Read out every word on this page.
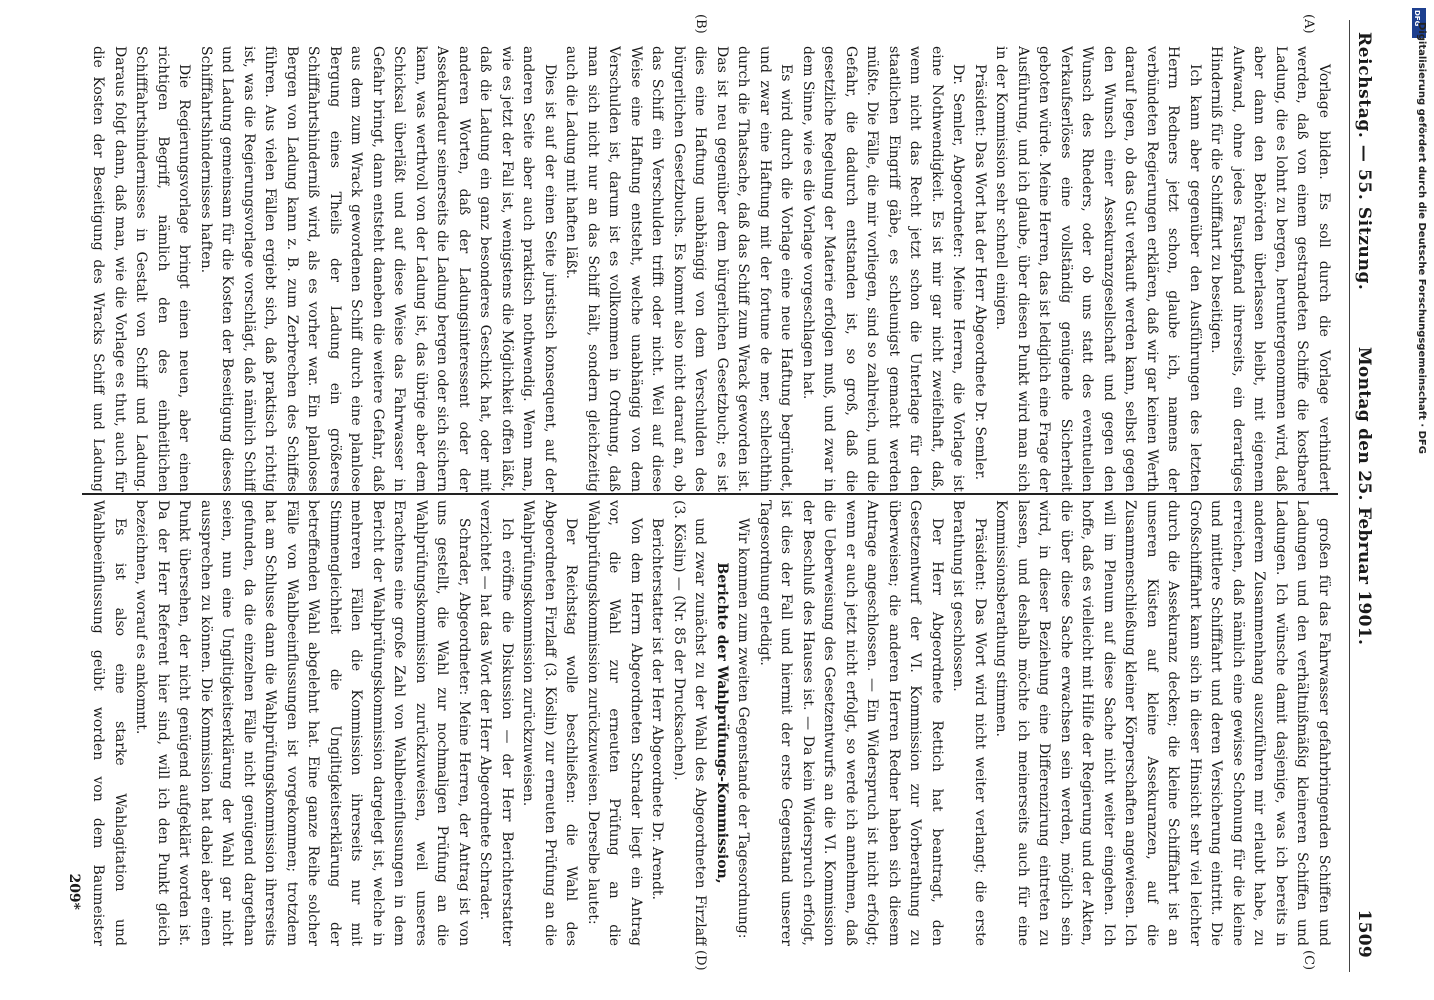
Reichstag. — 55. Sitzung.
Montag den 25. Februar 1901.
1509
(A)
(B)
(C)
(D)

Vorlage bilden. Es soll durch die Vorlage verhindert werden, daß von einem gestrandeten Schiffe die kostbare Ladung, die es lohnt zu bergen, heruntergenommen wird, daß aber dann den Behörden überlassen bleibt, mit eigenem Aufwand, ohne jedes Faustpfand ihrerseits, ein derartiges Hinderniß für die Schifffahrt zu beseitigen.

Ich kann aber gegenüber den Ausführungen des letzten Herrn Redners jetzt schon, glaube ich, namens der verbündeten Regierungen erklären, daß wir gar keinen Werth darauf legen, ob das Gut verkauft werden kann, selbst gegen den Wunsch einer Assekuranzgesellschaft und gegen den Wunsch des Rheders, oder ob uns statt des eventuellen Verkaufserlöses eine vollständig genügende Sicherheit geboten würde. Meine Herren, das ist lediglich eine Frage der Ausführung, und ich glaube, über diesen Punkt wird man sich in der Kommission sehr schnell einigen.

Präsident: Das Wort hat der Herr Abgeordnete Dr. Semler.

Dr. Semler, Abgeordneter: Meine Herren, die Vorlage ist eine Nothwendigkeit. Es ist mir gar nicht zweifelhaft, daß, wenn nicht das Recht jetzt schon die Unterlage für den staatlichen Eingriff gäbe, es schleunigst gemacht werden müßte. Die Fälle, die mir vorliegen, sind so zahlreich, und die Gefahr, die dadurch entstanden ist, so groß, daß die gesetzliche Regelung der Materie erfolgen muß, und zwar in dem Sinne, wie es die Vorlage vorgeschlagen hat.

Es wird durch die Vorlage eine neue Haftung begründet, und zwar eine Haftung mit der fortune de mer, schlechthin durch die Thatsache, daß das Schiff zum Wrack geworden ist. Das ist neu gegenüber dem bürgerlichen Gesetzbuch; es ist dies eine Haftung unabhängig von dem Verschulden des bürgerlichen Gesetzbuchs. Es kommt also nicht darauf an, ob das Schiff ein Verschulden trifft oder nicht. Weil auf diese Weise eine Haftung entsteht, welche unabhängig von dem Verschulden ist, darum ist es vollkommen in Ordnung, daß man sich nicht nur an das Schiff hält, sondern gleichzeitig auch die Ladung mit haften läßt.

Dies ist auf der einen Seite juristisch konsequent, auf der anderen Seite aber auch praktisch nothwendig. Wenn man, wie es jetzt der Fall ist, wenigstens die Möglichkeit offen läßt, daß die Ladung ein ganz besonderes Geschick hat, oder mit anderen Worten, daß der Ladungsinteressent oder der Assekuradeur seinerseits die Ladung bergen oder sich sichern kann, was werthvoll von der Ladung ist, das übrige aber dem Schicksal überläßt und auf diese Weise das Fahrwasser in Gefahr bringt, dann entsteht daneben die weitere Gefahr, daß aus dem zum Wrack gewordenen Schiff durch eine planlose Bergung eines Theils der Ladung ein größeres Schifffahrtshinderniß wird, als es vorher war. Ein planloses Bergen von Ladung kann z. B. zum Zerbrechen des Schiffes führen. Aus vielen Fällen ergiebt sich, daß praktisch richtig ist, was die Regierungsvorlage vorschlägt, daß nämlich Schiff und Ladung gemeinsam für die Kosten der Beseitigung dieses Schifffahrtshindernisses haften.

Die Regierungsvorlage bringt einen neuen, aber einen richtigen Begriff, nämlich den des einheitlichen Schifffahrtshindernisses in Gestalt von Schiff und Ladung. Daraus folgt dann, daß man, wie die Vorlage es thut, auch für die Kosten der Beseitigung des Wracks Schiff und Ladung

großen für das Fahrwasser gefahrbringenden Schiffen und Ladungen und den verhältnißmäßig kleineren Schiffen und Ladungen. Ich wünsche damit dasjenige, was ich bereits in anderem Zusammenhang auszuführen mir erlaubt habe, zu erreichen, daß nämlich eine gewisse Schonung für die kleine und mittlere Schifffahrt und deren Versicherung eintritt. Die Großschifffahrt kann sich in dieser Hinsicht sehr viel leichter durch die Assekuranz decken; die kleine Schifffahrt ist an unseren Küsten auf kleine Assekuranzen, auf die Zusammenschließung kleiner Körperschaften angewiesen. Ich will im Plenum auf diese Sache nicht weiter eingehen. Ich hoffe, daß es vielleicht mit Hilfe der Regierung und der Akten, die über diese Sache erwachsen sein werden, möglich sein wird, in dieser Beziehung eine Differenzirung eintreten zu lassen, und deshalb möchte ich meinerseits auch für eine Kommissionsberathung stimmen.

Präsident: Das Wort wird nicht weiter verlangt; die erste Berathung ist geschlossen.

Der Herr Abgeordnete Rettich hat beantragt, den Gesetzentwurf der VI. Kommission zur Vorberathung zu überweisen; die anderen Herren Redner haben sich diesem Antrage angeschlossen. — Ein Widerspruch ist nicht erfolgt; wenn er auch jetzt nicht erfolgt, so werde ich annehmen, daß die Ueberweisung des Gesetzentwurfs an die VI. Kommission der Beschluß des Hauses ist. — Da kein Widerspruch erfolgt, ist dies der Fall und hiermit der erste Gegenstand unserer Tagesordnung erledigt.

Wir kommen zum zweiten Gegenstande der Tagesordnung:

Berichte der Wahlprüfungs-Kommission,

und zwar zunächst zu der Wahl des Abgeordneten Firzlaff (3. Köslin) — (Nr. 85 der Drucksachen).

Berichterstatter ist der Herr Abgeordnete Dr. Arendt.

Von dem Herrn Abgeordneten Schrader liegt ein Antrag vor, die Wahl zur erneuten Prüfung an die Wahlprüfungskommission zurückzuweisen. Derselbe lautet:

Der Reichstag wolle beschließen: die Wahl des Abgeordneten Firzlaff (3. Köslin) zur erneuten Prüfung an die Wahlprüfungskommission zurückzuweisen.

Ich eröffne die Diskussion — der Herr Berichterstatter verzichtet — hat das Wort der Herr Abgeordnete Schrader.

Schrader, Abgeordneter: Meine Herren, der Antrag ist von uns gestellt, die Wahl zur nochmaligen Prüfung an die Wahlprüfungskommission zurückzuweisen, weil unseres Erachtens eine große Zahl von Wahlbeeinflussungen in dem Bericht der Wahlprüfungskommission dargelegt ist, welche in mehreren Fällen die Kommission ihrerseits nur mit Stimmengleichheit die Ungiltigkeitserklärung der betreffenden Wahl abgelehnt hat. Eine ganze Reihe solcher Fälle von Wahlbeeinflussungen ist vorgekommen; trotzdem hat am Schlusse dann die Wahlprüfungskommission ihrerseits gefunden, da die einzelnen Fälle nicht genügend dargethan seien, nun eine Ungiltigkeitserklärung der Wahl gar nicht aussprechen zu können. Die Kommission hat dabei aber einen Punkt übersehen, der nicht genügend aufgeklärt worden ist. Da der Herr Referent hier sind, will ich den Punkt gleich bezeichnen, worauf es ankommt.

Es ist also eine starke Wahlagitation und Wahlbeeinflussung geübt worden von dem Baumeister

209*
DFG
Digitalisierung gefördert durch die Deutsche Forschungsgemeinschaft · DFG
